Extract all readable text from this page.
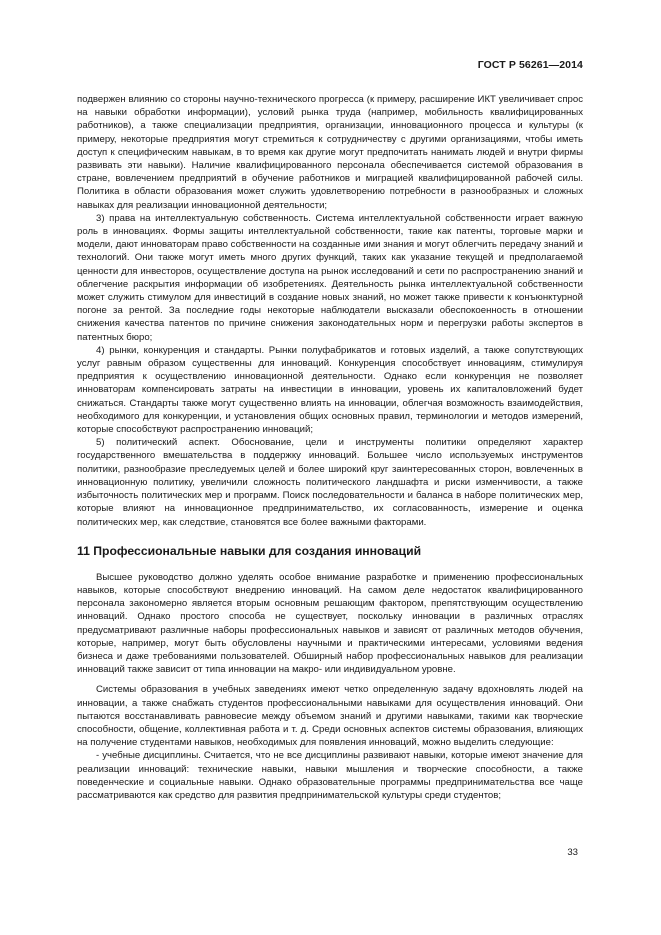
ГОСТ Р 56261—2014

подвержен влиянию со стороны научно-технического прогресса (к примеру, расширение ИКТ увеличивает спрос на навыки обработки информации), условий рынка труда (например, мобильность квалифицированных работников), а также специализации предприятия, организации, инновационного процесса и культуры (к примеру, некоторые предприятия могут стремиться к сотрудничеству с другими организациями, чтобы иметь доступ к специфическим навыкам, в то время как другие могут предпочитать нанимать людей и внутри фирмы развивать эти навыки). Наличие квалифицированного персонала обеспечивается системой образования в стране, вовлечением предприятий в обучение работников и миграцией квалифицированной рабочей силы. Политика в области образования может служить удовлетворению потребности в разнообразных и сложных навыках для реализации инновационной деятельности;

3) права на интеллектуальную собственность. Система интеллектуальной собственности играет важную роль в инновациях. Формы защиты интеллектуальной собственности, такие как патенты, торговые марки и модели, дают инноваторам право собственности на созданные ими знания и могут облегчить передачу знаний и технологий. Они также могут иметь много других функций, таких как указание текущей и предполагаемой ценности для инвесторов, осуществление доступа на рынок исследований и сети по распространению знаний и облегчение раскрытия информации об изобретениях. Деятельность рынка интеллектуальной собственности может служить стимулом для инвестиций в создание новых знаний, но может также привести к конъюнктурной погоне за рентой. За последние годы некоторые наблюдатели высказали обеспокоенность в отношении снижения качества патентов по причине снижения законодательных норм и перегрузки работы экспертов в патентных бюро;

4) рынки, конкуренция и стандарты. Рынки полуфабрикатов и готовых изделий, а также сопутствующих услуг равным образом существенны для инноваций. Конкуренция способствует инновациям, стимулируя предприятия к осуществлению инновационной деятельности. Однако если конкуренция не позволяет инноваторам компенсировать затраты на инвестиции в инновации, уровень их капиталовложений будет снижаться. Стандарты также могут существенно влиять на инновации, облегчая возможность взаимодействия, необходимого для конкуренции, и установления общих основных правил, терминологии и методов измерений, которые способствуют распространению инноваций;

5) политический аспект. Обоснование, цели и инструменты политики определяют характер государственного вмешательства в поддержку инноваций. Большее число используемых инструментов политики, разнообразие преследуемых целей и более широкий круг заинтересованных сторон, вовлеченных в инновационную политику, увеличили сложность политического ландшафта и риски изменчивости, а также избыточность политических мер и программ. Поиск последовательности и баланса в наборе политических мер, которые влияют на инновационное предпринимательство, их согласованность, измерение и оценка политических мер, как следствие, становятся все более важными факторами.

11 Профессиональные навыки для создания инноваций

Высшее руководство должно уделять особое внимание разработке и применению профессиональных навыков, которые способствуют внедрению инноваций. На самом деле недостаток квалифицированного персонала закономерно является вторым основным решающим фактором, препятствующим осуществлению инноваций. Однако простого способа не существует, поскольку инновации в различных отраслях предусматривают различные наборы профессиональных навыков и зависят от различных методов обучения, которые, например, могут быть обусловлены научными и практическими интересами, условиями ведения бизнеса и даже требованиями пользователей. Обширный набор профессиональных навыков для реализации инноваций также зависит от типа инновации на макро- или индивидуальном уровне.

Системы образования в учебных заведениях имеют четко определенную задачу вдохновлять людей на инновации, а также снабжать студентов профессиональными навыками для осуществления инноваций. Они пытаются восстанавливать равновесие между объемом знаний и другими навыками, такими как творческие способности, общение, коллективная работа и т. д. Среди основных аспектов системы образования, влияющих на получение студентами навыков, необходимых для появления инноваций, можно выделить следующие:

- учебные дисциплины. Считается, что не все дисциплины развивают навыки, которые имеют значение для реализации инноваций: технические навыки, навыки мышления и творческие способности, а также поведенческие и социальные навыки. Однако образовательные программы предпринимательства все чаще рассматриваются как средство для развития предпринимательской культуры среди студентов;

33
